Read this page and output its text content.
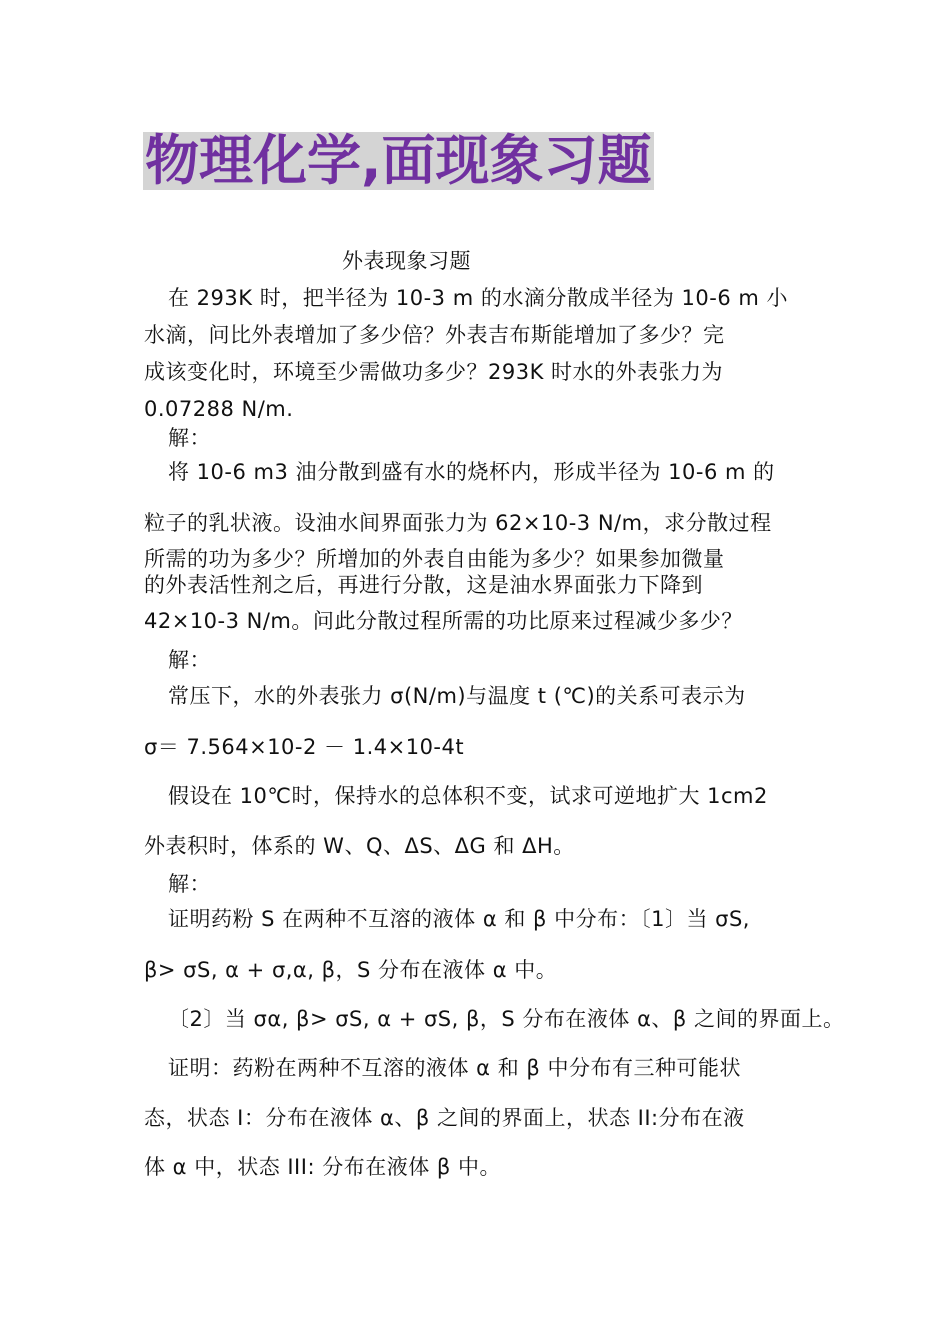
物理化学,面现象习题

外表现象习题

在 293K 时，把半径为 10-3 m 的水滴分散成半径为 10-6 m 小

水滴，问比外表增加了多少倍？外表吉布斯能增加了多少？完

成该变化时，环境至少需做功多少？293K 时水的外表张力为

0.07288 N/m.

解：

将 10-6 m3 油分散到盛有水的烧杯内，形成半径为 10-6 m 的

粒子的乳状液。设油水间界面张力为 62×10-3 N/m，求分散过程

所需的功为多少？所增加的外表自由能为多少？如果参加微量

的外表活性剂之后，再进行分散，这是油水界面张力下降到

42×10-3 N/m。问此分散过程所需的功比原来过程减少多少？

解：

常压下，水的外表张力 σ(N/m)与温度 t (℃)的关系可表示为

σ＝ 7.564×10-2 － 1.4×10-4t

假设在 10℃时，保持水的总体积不变，试求可逆地扩大 1cm2

外表积时，体系的 W、Q、ΔS、ΔG 和 ΔH。

解：

证明药粉 S 在两种不互溶的液体 α 和 β 中分布：〔1〕当 σS,

β> σS, α + σ,α, β，S 分布在液体 α 中。

〔2〕当 σα, β> σS, α + σS, β，S 分布在液体 α、β 之间的界面上。

证明：药粉在两种不互溶的液体 α 和 β 中分布有三种可能状

态，状态 I：分布在液体 α、β 之间的界面上，状态 II:分布在液

体 α 中，状态 III: 分布在液体 β 中。
